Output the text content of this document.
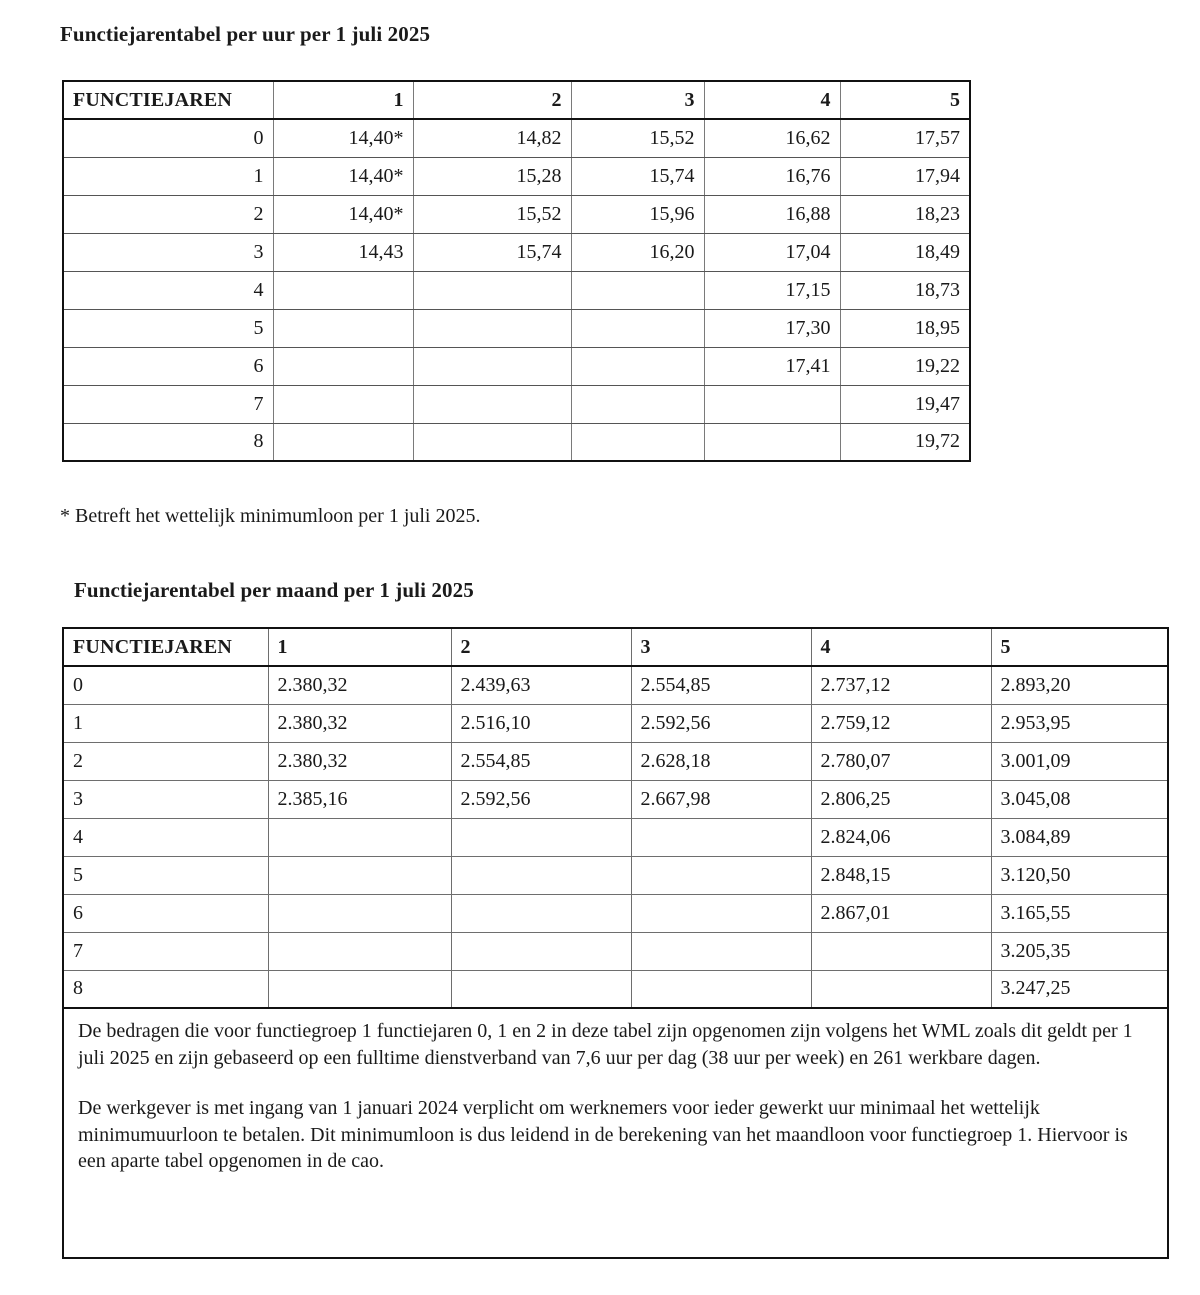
Functiejarentabel per uur per 1 juli 2025
FUNCTIEJAREN	1	2	3	4	5
0	14,40*	14,82	15,52	16,62	17,57
1	14,40*	15,28	15,74	16,76	17,94
2	14,40*	15,52	15,96	16,88	18,23
3	14,43	15,74	16,20	17,04	18,49
4				17,15	18,73
5				17,30	18,95
6				17,41	19,22
7					19,47
8					19,72
* Betreft het wettelijk minimumloon per 1 juli 2025.
Functiejarentabel per maand per 1 juli 2025
FUNCTIEJAREN	1	2	3	4	5
0	2.380,32	2.439,63	2.554,85	2.737,12	2.893,20
1	2.380,32	2.516,10	2.592,56	2.759,12	2.953,95
2	2.380,32	2.554,85	2.628,18	2.780,07	3.001,09
3	2.385,16	2.592,56	2.667,98	2.806,25	3.045,08
4				2.824,06	3.084,89
5				2.848,15	3.120,50
6				2.867,01	3.165,55
7					3.205,35
8					3.247,25

De bedragen die voor functiegroep 1 functiejaren 0, 1 en 2 in deze tabel zijn opgenomen zijn volgens het WML zoals dit geldt per 1 juli 2025 en zijn gebaseerd op een fulltime dienstverband van 7,6 uur per dag (38 uur per week) en 261 werkbare dagen.

De werkgever is met ingang van 1 januari 2024 verplicht om werknemers voor ieder gewerkt uur minimaal het wettelijk minimumuurloon te betalen. Dit minimumloon is dus leidend in de berekening van het maandloon voor functiegroep 1. Hiervoor is een aparte tabel opgenomen in de cao.					
